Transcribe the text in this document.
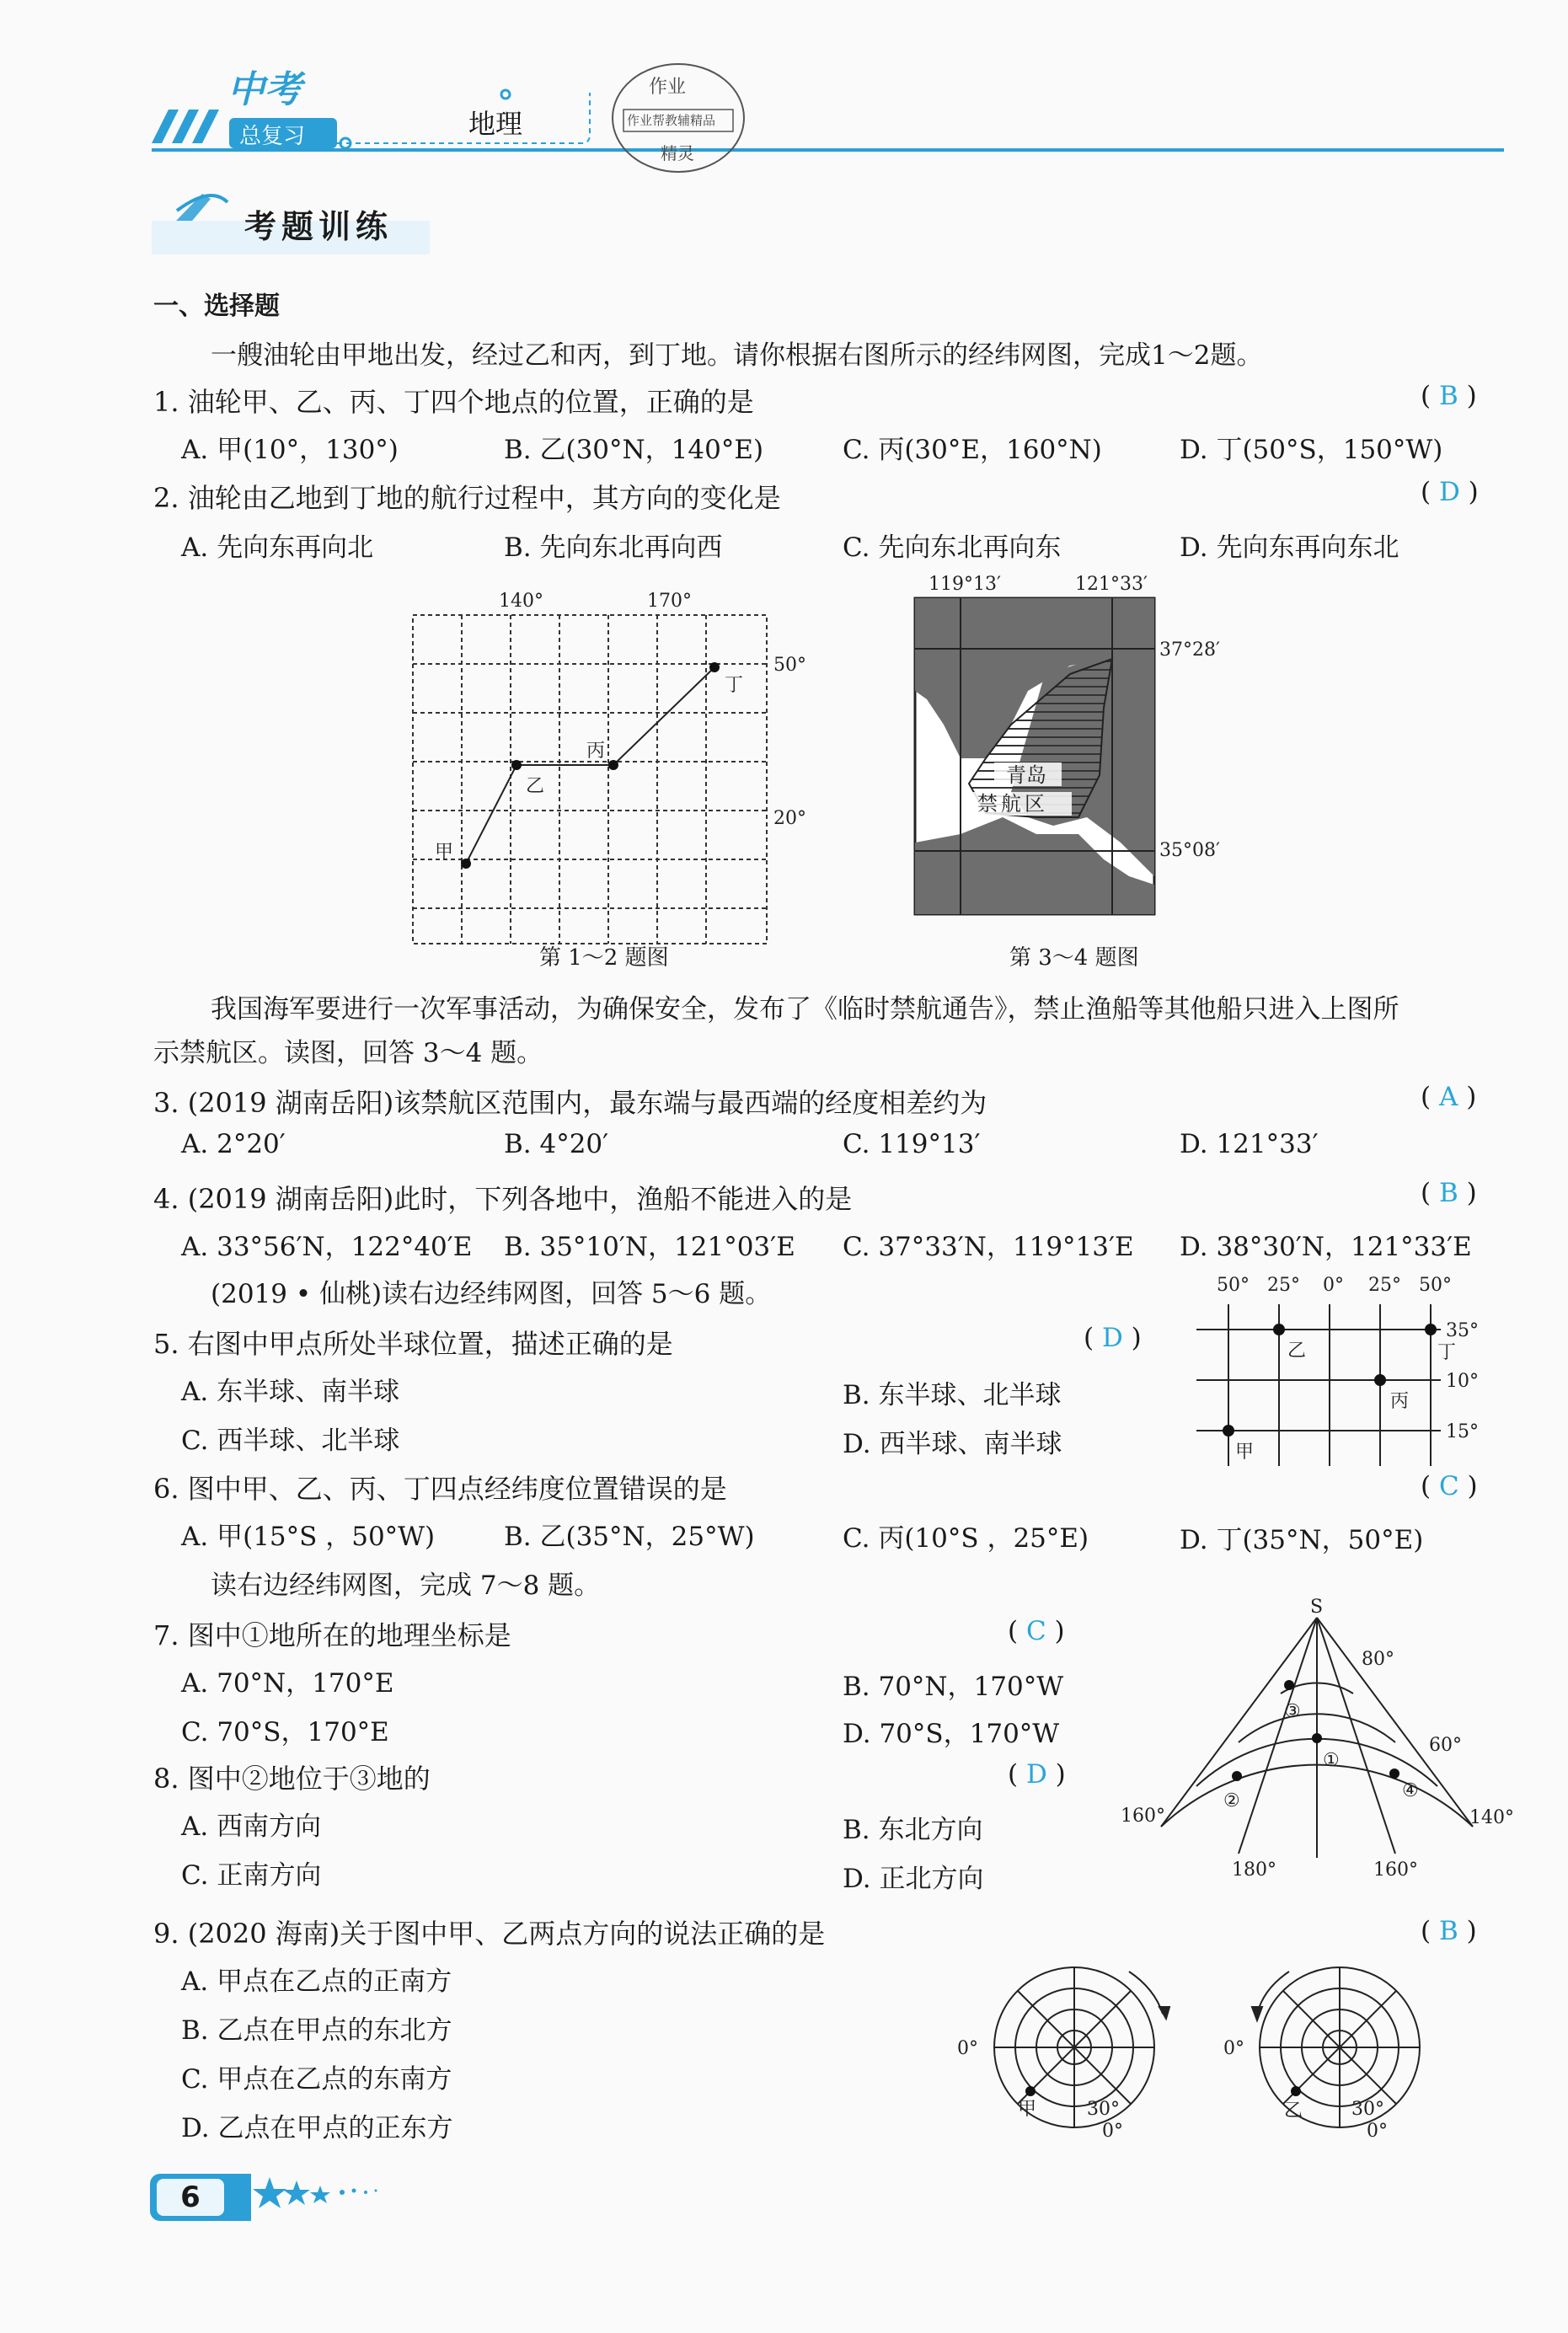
中考
总复习	地理
作业
作业帮教辅精品
精灵
考题训练
一、选择题
一艘油轮由甲地出发，经过乙和丙，到丁地。请你根据右图所示的经纬网图，完成1～2题。
1. 油轮甲、乙、丙、丁四个地点的位置，正确的是	( B )
A. 甲(10°，130°)	B. 乙(30°N，140°E)	C. 丙(30°E，160°N)	D. 丁(50°S，150°W)
2. 油轮由乙地到丁地的航行过程中，其方向的变化是	( D )
A. 先向东再向北	B. 先向东北再向西	C. 先向东北再向东	D. 先向东再向东北
140°	170°
50°
20°
甲
乙
丙
丁
第 1～2 题图
119°13′	121°33′
37°28′
35°08′
青岛
禁航区
第 3～4 题图
我国海军要进行一次军事活动，为确保安全，发布了《临时禁航通告》，禁止渔船等其他船只进入上图所
示禁航区。读图，回答 3～4 题。
3. (2019 湖南岳阳)该禁航区范围内，最东端与最西端的经度相差约为	( A )
A. 2°20′	B. 4°20′	C. 119°13′	D. 121°33′
4. (2019 湖南岳阳)此时，下列各地中，渔船不能进入的是	( B )
A. 33°56′N，122°40′E B. 35°10′N，121°03′E C. 37°33′N，119°13′E D. 38°30′N，121°33′E
(2019 • 仙桃)读右边经纬网图，回答 5～6 题。	50° 25° 0° 25° 50°
35°
10°
15°
乙	丁
丙
甲
5. 右图中甲点所处半球位置，描述正确的是	( D )
A. 东半球、南半球	B. 东半球、北半球
C. 西半球、北半球	D. 西半球、南半球
6. 图中甲、乙、丙、丁四点经纬度位置错误的是	( C )
A. 甲(15°S ，50°W)	B. 乙(35°N，25°W)	C. 丙(10°S ，25°E)	D. 丁(35°N，50°E)
读右边经纬网图，完成 7～8 题。
S
80°
60°
160°	140°
180°	160°
③
①
②	④
7. 图中①地所在的地理坐标是	( C )
A. 70°N，170°E	B. 70°N，170°W
C. 70°S，170°E	D. 70°S，170°W
8. 图中②地位于③地的	( D )
A. 西南方向	B. 东北方向
C. 正南方向	D. 正北方向
9. (2020 海南)关于图中甲、乙两点方向的说法正确的是	( B )
A. 甲点在乙点的正南方
B. 乙点在甲点的东北方
C. 甲点在乙点的东南方
D. 乙点在甲点的正东方
0°
甲	30°
0°
0°
乙	30°
0°
6
